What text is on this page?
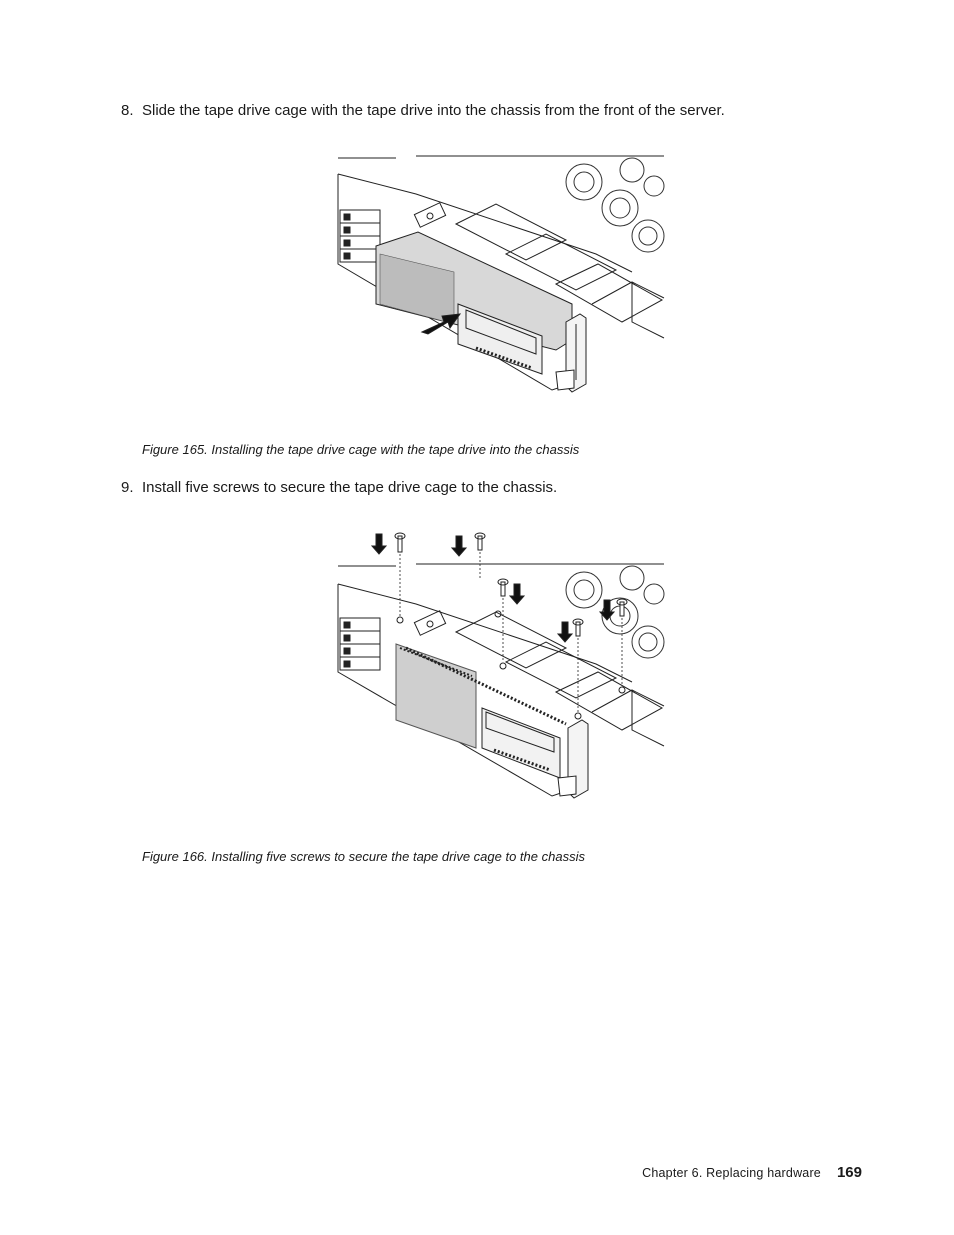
8. Slide the tape drive cage with the tape drive into the chassis from the front of the server.
Figure 165. Installing the tape drive cage with the tape drive into the chassis
9. Install five screws to secure the tape drive cage to the chassis.
Figure 166. Installing five screws to secure the tape drive cage to the chassis
Chapter 6. Replacing hardware 169
